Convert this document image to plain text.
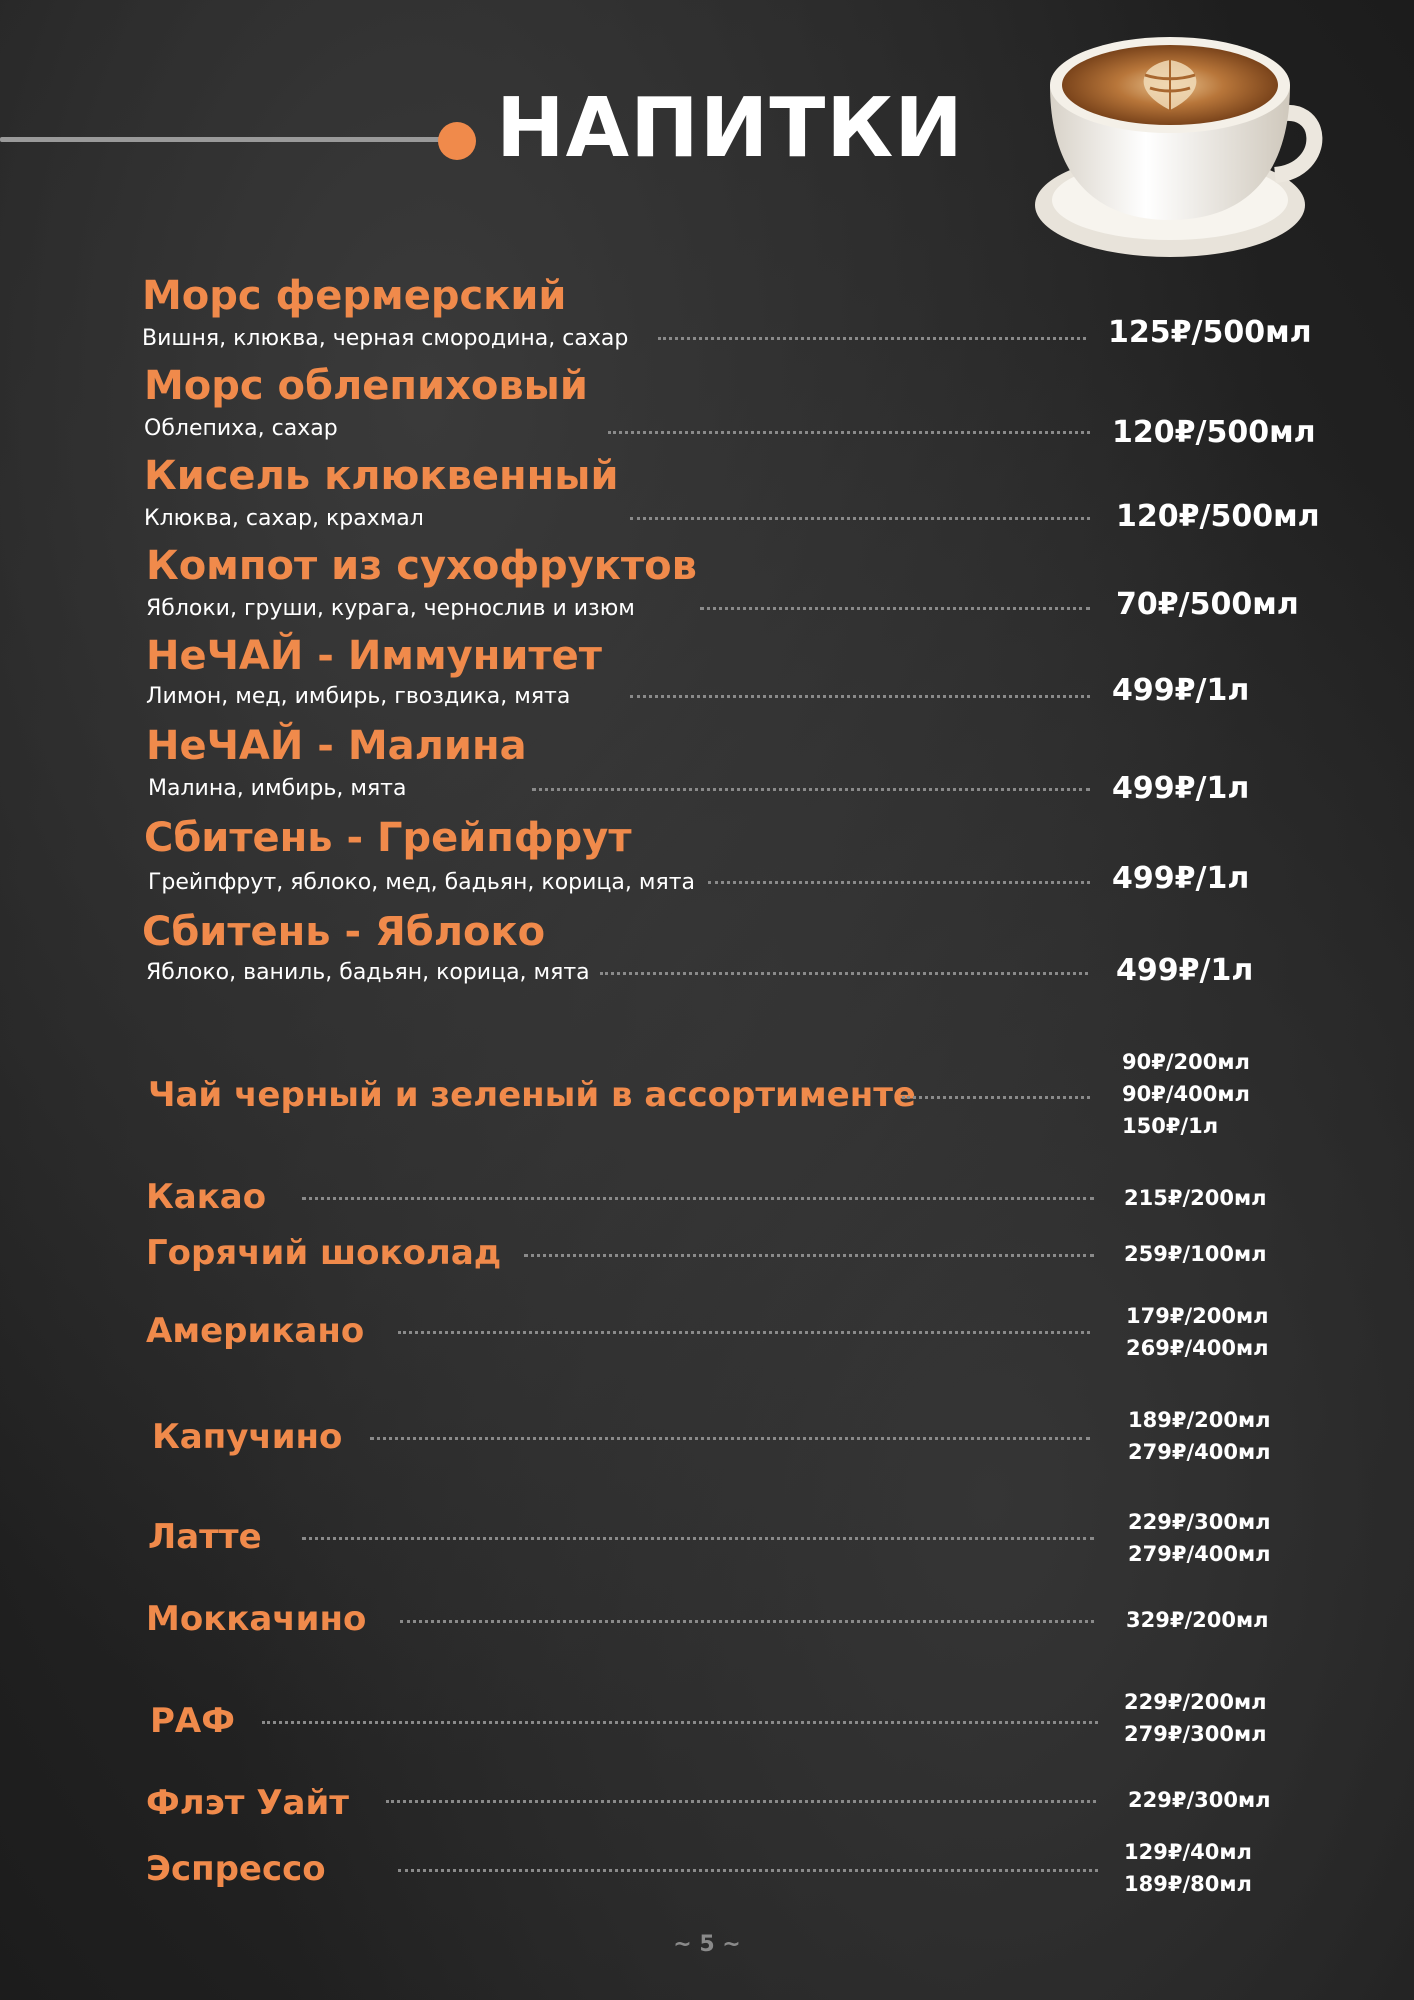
НАПИТКИ
Морс фермерский
Вишня, клюква, черная смородина, сахар	125₽/500мл
Морс облепиховый
Облепиха, сахар	120₽/500мл
Кисель клюквенный
Клюква, сахар, крахмал	120₽/500мл
Компот из сухофруктов
Яблоки, груши, курага, чернослив и изюм	70₽/500мл
НеЧАЙ - Иммунитет
Лимон, мед, имбирь, гвоздика, мята	499₽/1л
НеЧАЙ - Малина
Малина, имбирь, мята	499₽/1л
Сбитень - Грейпфрут
Грейпфрут, яблоко, мед, бадьян, корица, мята	499₽/1л
Сбитень - Яблоко
Яблоко, ваниль, бадьян, корица, мята	499₽/1л
Чай черный и зеленый в ассортименте
90₽/200мл
90₽/400мл
150₽/1л
Какао	215₽/200мл
Горячий шоколад	259₽/100мл
Американо	179₽/200мл
269₽/400мл
Капучино	189₽/200мл
279₽/400мл
Латте	229₽/300мл
279₽/400мл
Моккачино	329₽/200мл
РАФ	229₽/200мл
279₽/300мл
Флэт Уайт	229₽/300мл
Эспрессо	129₽/40мл
189₽/80мл
~ 5 ~
